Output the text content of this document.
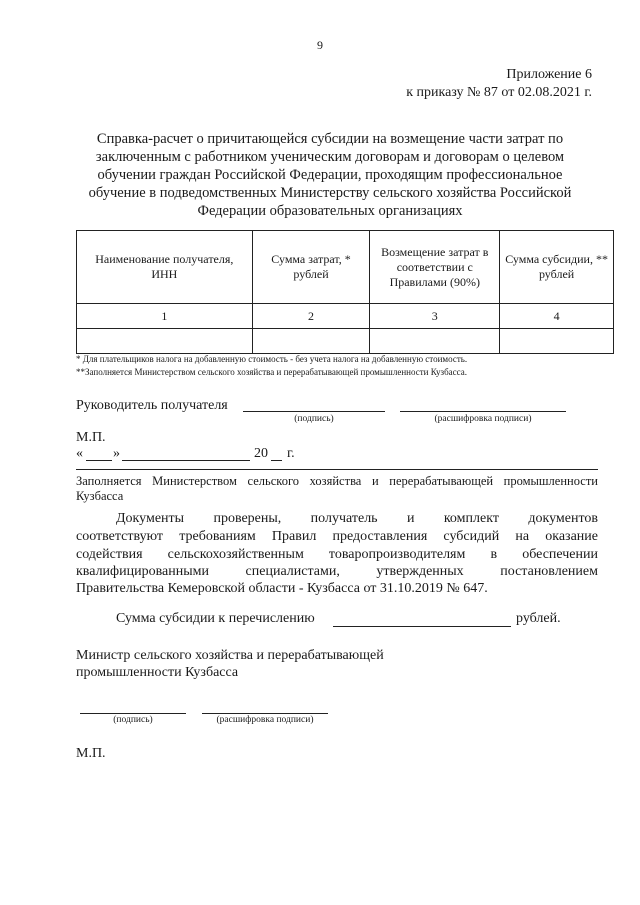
9
Приложение 6
к приказу № 87 от 02.08.2021 г.
Справка-расчет о причитающейся субсидии на возмещение части затрат по
заключенным с работником ученическим договорам и договорам о целевом
обучении граждан Российской Федерации, проходящим профессиональное
обучение в подведомственных Министерству сельского хозяйства Российской
Федерации образовательных организациях
Наименование получателя, ИНН	Сумма затрат, * рублей	Возмещение затрат в соответствии с Правилами (90%)	Сумма субсидии, ** рублей
1	2	3	4

* Для плательщиков налога на добавленную стоимость - без учета налога на добавленную стоимость.
**Заполняется Министерством сельского хозяйства и перерабатывающей промышленности Кузбасса.
Руководитель получателя
(подпись)	(расшифровка подписи)
М.П.
« »	20 г.
Заполняется Министерством сельского хозяйства и перерабатывающей промышленности Кузбасса
Документы проверены, получатель и комплект документов
соответствуют требованиям Правил предоставления субсидий на оказание
содействия сельскохозяйственным товаропроизводителям в обеспечении
квалифицированными специалистами, утвержденных постановлением
Правительства Кемеровской области - Кузбасса от 31.10.2019 № 647.
Сумма субсидии к перечислению	рублей.
Министр сельского хозяйства и перерабатывающей
промышленности Кузбасса
(подпись)	(расшифровка подписи)
М.П.
